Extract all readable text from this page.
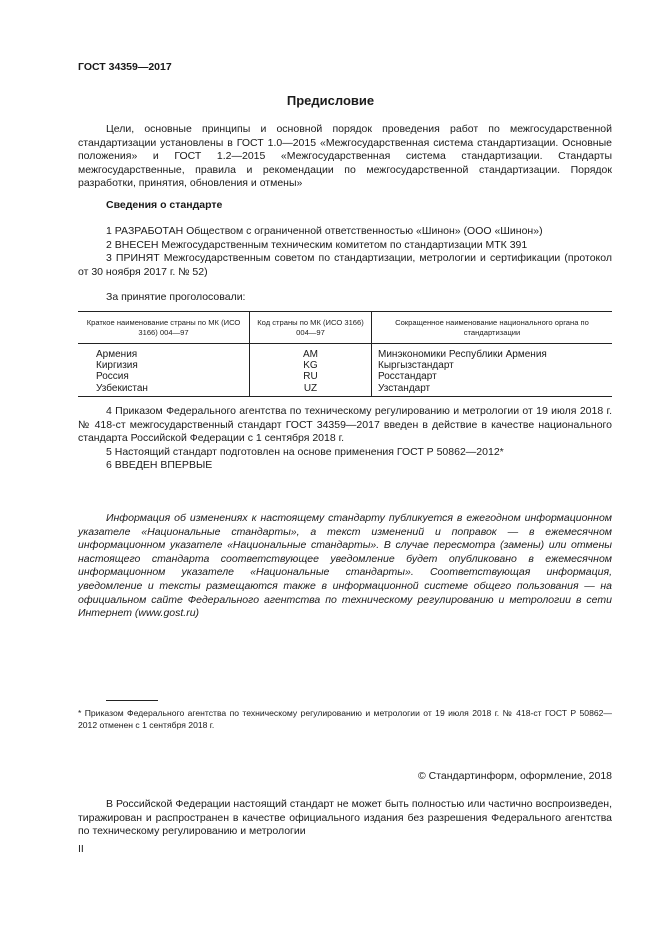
ГОСТ 34359—2017
Предисловие
Цели, основные принципы и основной порядок проведения работ по межгосударственной стандартизации установлены в ГОСТ 1.0—2015 «Межгосударственная система стандартизации. Основные положения» и ГОСТ 1.2—2015 «Межгосударственная система стандартизации. Стандарты межгосударственные, правила и рекомендации по межгосударственной стандартизации. Порядок разработки, принятия, обновления и отмены»
Сведения о стандарте
1 РАЗРАБОТАН Обществом с ограниченной ответственностью «Шинон» (ООО «Шинон»)
2 ВНЕСЕН Межгосударственным техническим комитетом по стандартизации МТК 391
3 ПРИНЯТ Межгосударственным советом по стандартизации, метрологии и сертификации (протокол от 30 ноября 2017 г. № 52)
За принятие проголосовали:
Краткое наименование страны по МК (ИСО 3166) 004—97	Код страны по МК (ИСО 3166) 004—97	Сокращенное наименование национального органа по стандартизации
Армения	AM	Минэкономики Республики Армения
Киргизия	KG	Кыргызстандарт
Россия	RU	Росстандарт
Узбекистан	UZ	Узстандарт
4 Приказом Федерального агентства по техническому регулированию и метрологии от 19 июля 2018 г. № 418-ст межгосударственный стандарт ГОСТ 34359—2017 введен в действие в качестве национального стандарта Российской Федерации с 1 сентября 2018 г.
5 Настоящий стандарт подготовлен на основе применения ГОСТ Р 50862—2012*
6 ВВЕДЕН ВПЕРВЫЕ
Информация об изменениях к настоящему стандарту публикуется в ежегодном информационном указателе «Национальные стандарты», а текст изменений и поправок — в ежемесячном информационном указателе «Национальные стандарты». В случае пересмотра (замены) или отмены настоящего стандарта соответствующее уведомление будет опубликовано в ежемесячном информационном указателе «Национальные стандарты». Соответствующая информация, уведомление и тексты размещаются также в информационной системе общего пользования — на официальном сайте Федерального агентства по техническому регулированию и метрологии в сети Интернет (www.gost.ru)
* Приказом Федерального агентства по техническому регулированию и метрологии от 19 июля 2018 г. № 418-ст ГОСТ Р 50862—2012 отменен с 1 сентября 2018 г.
© Стандартинформ, оформление, 2018
В Российской Федерации настоящий стандарт не может быть полностью или частично воспроизведен, тиражирован и распространен в качестве официального издания без разрешения Федерального агентства по техническому регулированию и метрологии
II
